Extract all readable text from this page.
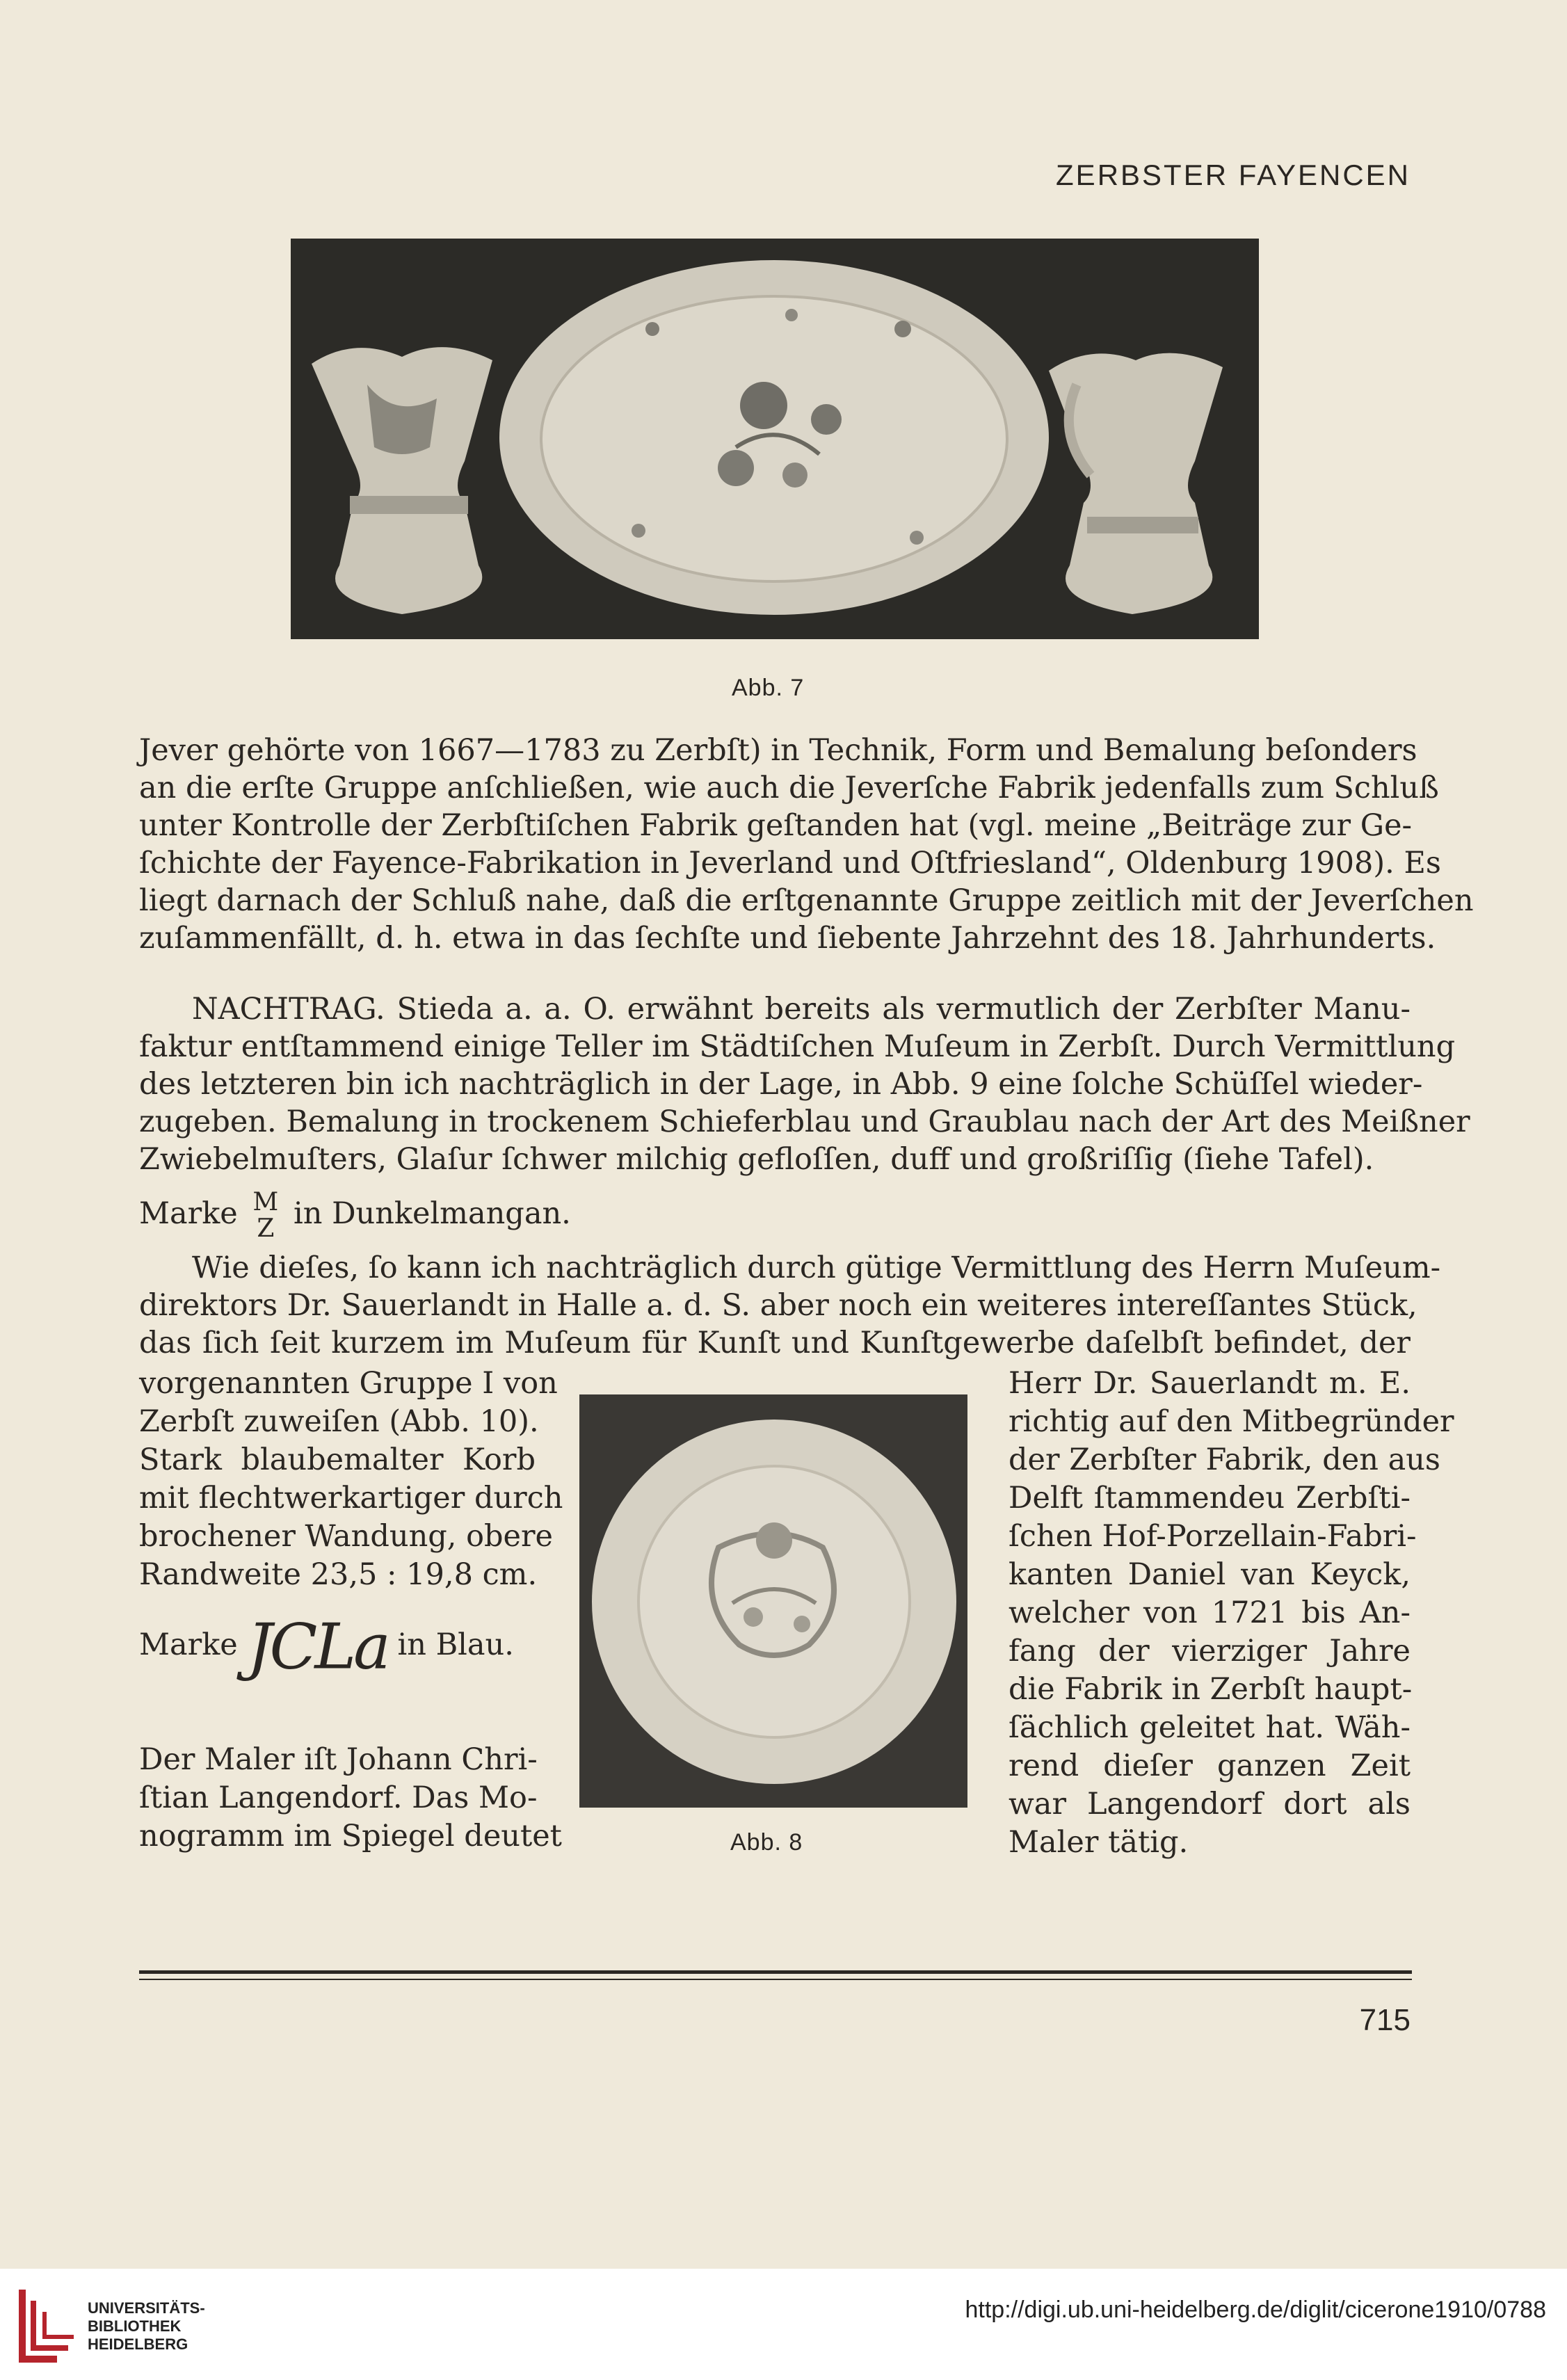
ZERBSTER FAYENCEN
Abb. 7
Jever gehörte von 1667—1783 zu Zerbſt) in Technik, Form und Bemalung beſonders
an die erſte Gruppe anſchließen, wie auch die Jeverſche Fabrik jedenfalls zum Schluß
unter Kontrolle der Zerbſtiſchen Fabrik geſtanden hat (vgl. meine „Beiträge zur Ge-
ſchichte der Fayence-Fabrikation in Jeverland und Oſtfriesland“, Oldenburg 1908). Es
liegt darnach der Schluß nahe, daß die erſtgenannte Gruppe zeitlich mit der Jeverſchen
zuſammenfällt, d. h. etwa in das ſechſte und ſiebente Jahrzehnt des 18. Jahrhunderts.
NACHTRAG. Stieda a. a. O. erwähnt bereits als vermutlich der Zerbſter Manu-
faktur entſtammend einige Teller im Städtiſchen Muſeum in Zerbſt. Durch Vermittlung
des letzteren bin ich nachträglich in der Lage, in Abb. 9 eine ſolche Schüſſel wieder-
zugeben. Bemalung in trockenem Schieferblau und Graublau nach der Art des Meißner
Zwiebelmuſters, Glaſur ſchwer milchig gefloſſen, duff und großriſſig (ſiehe Tafel).
Marke M
Z in Dunkelmangan.
Wie dieſes, ſo kann ich nachträglich durch gütige Vermittlung des Herrn Muſeum-
direktors Dr. Sauerlandt in Halle a. d. S. aber noch ein weiteres intereſſantes Stück,
das ſich ſeit kurzem im Muſeum für Kunſt und Kunſtgewerbe daſelbſt befindet, der
vorgenannten Gruppe I von
Zerbſt zuweiſen (Abb. 10).
Stark blaubemalter Korb
mit flechtwerkartiger durch
brochener Wandung, obere
Randweite 23,5 : 19,8 cm.
Marke JCLa in Blau.
Der Maler iſt Johann Chri-
ſtian Langendorf. Das Mo-
nogramm im Spiegel deutet	Abb. 8
Herr Dr. Sauerlandt m. E.
richtig auf den Mitbegründer
der Zerbſter Fabrik, den aus
Delft ſtammendeu Zerbſti-
ſchen Hof-Porzellain-Fabri-
kanten Daniel van Keyck,
welcher von 1721 bis An-
fang der vierziger Jahre
die Fabrik in Zerbſt haupt-
ſächlich geleitet hat. Wäh-
rend dieſer ganzen Zeit
war Langendorf dort als
Maler tätig.
715
UNIVERSITÄTS-
BIBLIOTHEK
HEIDELBERG
http://digi.ub.uni-heidelberg.de/diglit/cicerone1910/0788
